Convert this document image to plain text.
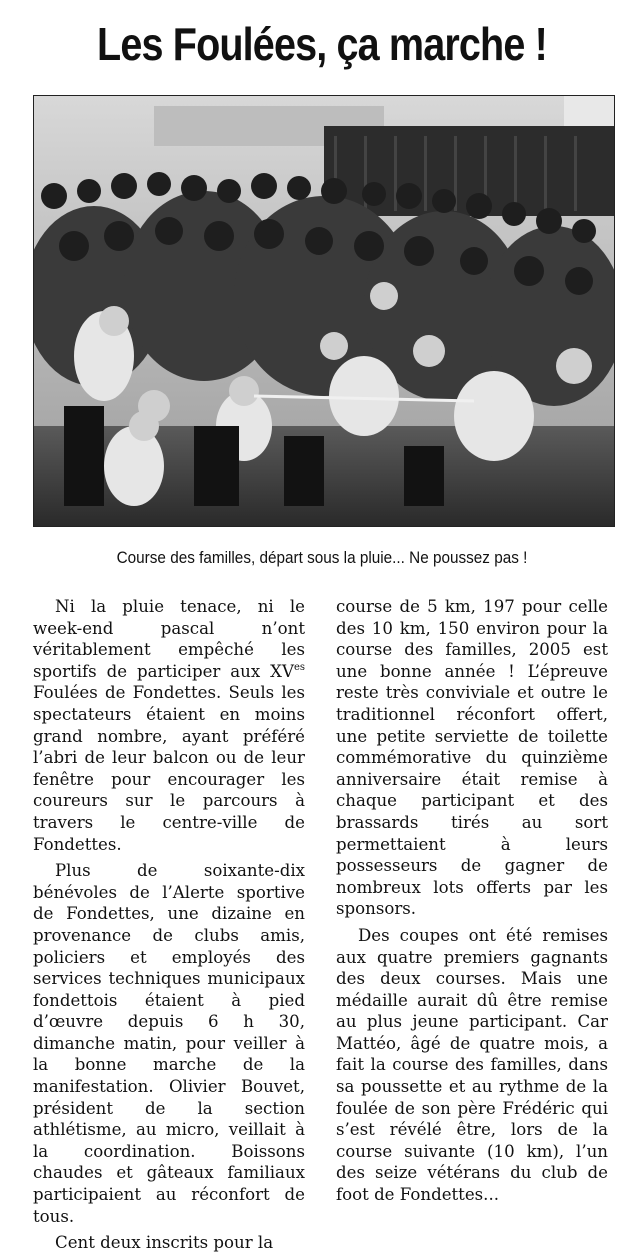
Les Foulées, ça marche !

Course des familles, départ sous la pluie... Ne poussez pas !

Ni la pluie tenace, ni le week-end pascal n’ont véritablement empêché les sportifs de participer aux $XV^{es}$ Foulées de Fondettes. Seuls les spectateurs étaient en moins grand nombre, ayant préféré l’abri de leur balcon ou de leur fenêtre pour encourager les coureurs sur le parcours à travers le centre-ville de Fondettes.

Plus de soixante-dix bénévoles de l’Alerte sportive de Fondettes, une dizaine en provenance de clubs amis, policiers et employés des services techniques municipaux fondettois étaient à pied d’œuvre depuis 6 h 30, dimanche matin, pour veiller à la bonne marche de la manifestation. Olivier Bouvet, président de la section athlétisme, au micro, veillait à la coordination. Boissons chaudes et gâteaux familiaux participaient au réconfort de tous.

Cent deux inscrits pour la

course de 5 km, 197 pour celle des 10 km, 150 environ pour la course des familles, 2005 est une bonne année ! L’épreuve reste très conviviale et outre le traditionnel réconfort offert, une petite serviette de toilette commémorative du quinzième anniversaire était remise à chaque participant et des brassards tirés au sort permettaient à leurs possesseurs de gagner de nombreux lots offerts par les sponsors.

Des coupes ont été remises aux quatre premiers gagnants des deux courses. Mais une médaille aurait dû être remise au plus jeune participant. Car Mattéo, âgé de quatre mois, a fait la course des familles, dans sa poussette et au rythme de la foulée de son père Frédéric qui s’est révélé être, lors de la course suivante (10 km), l’un des seize vétérans du club de foot de Fondettes...
